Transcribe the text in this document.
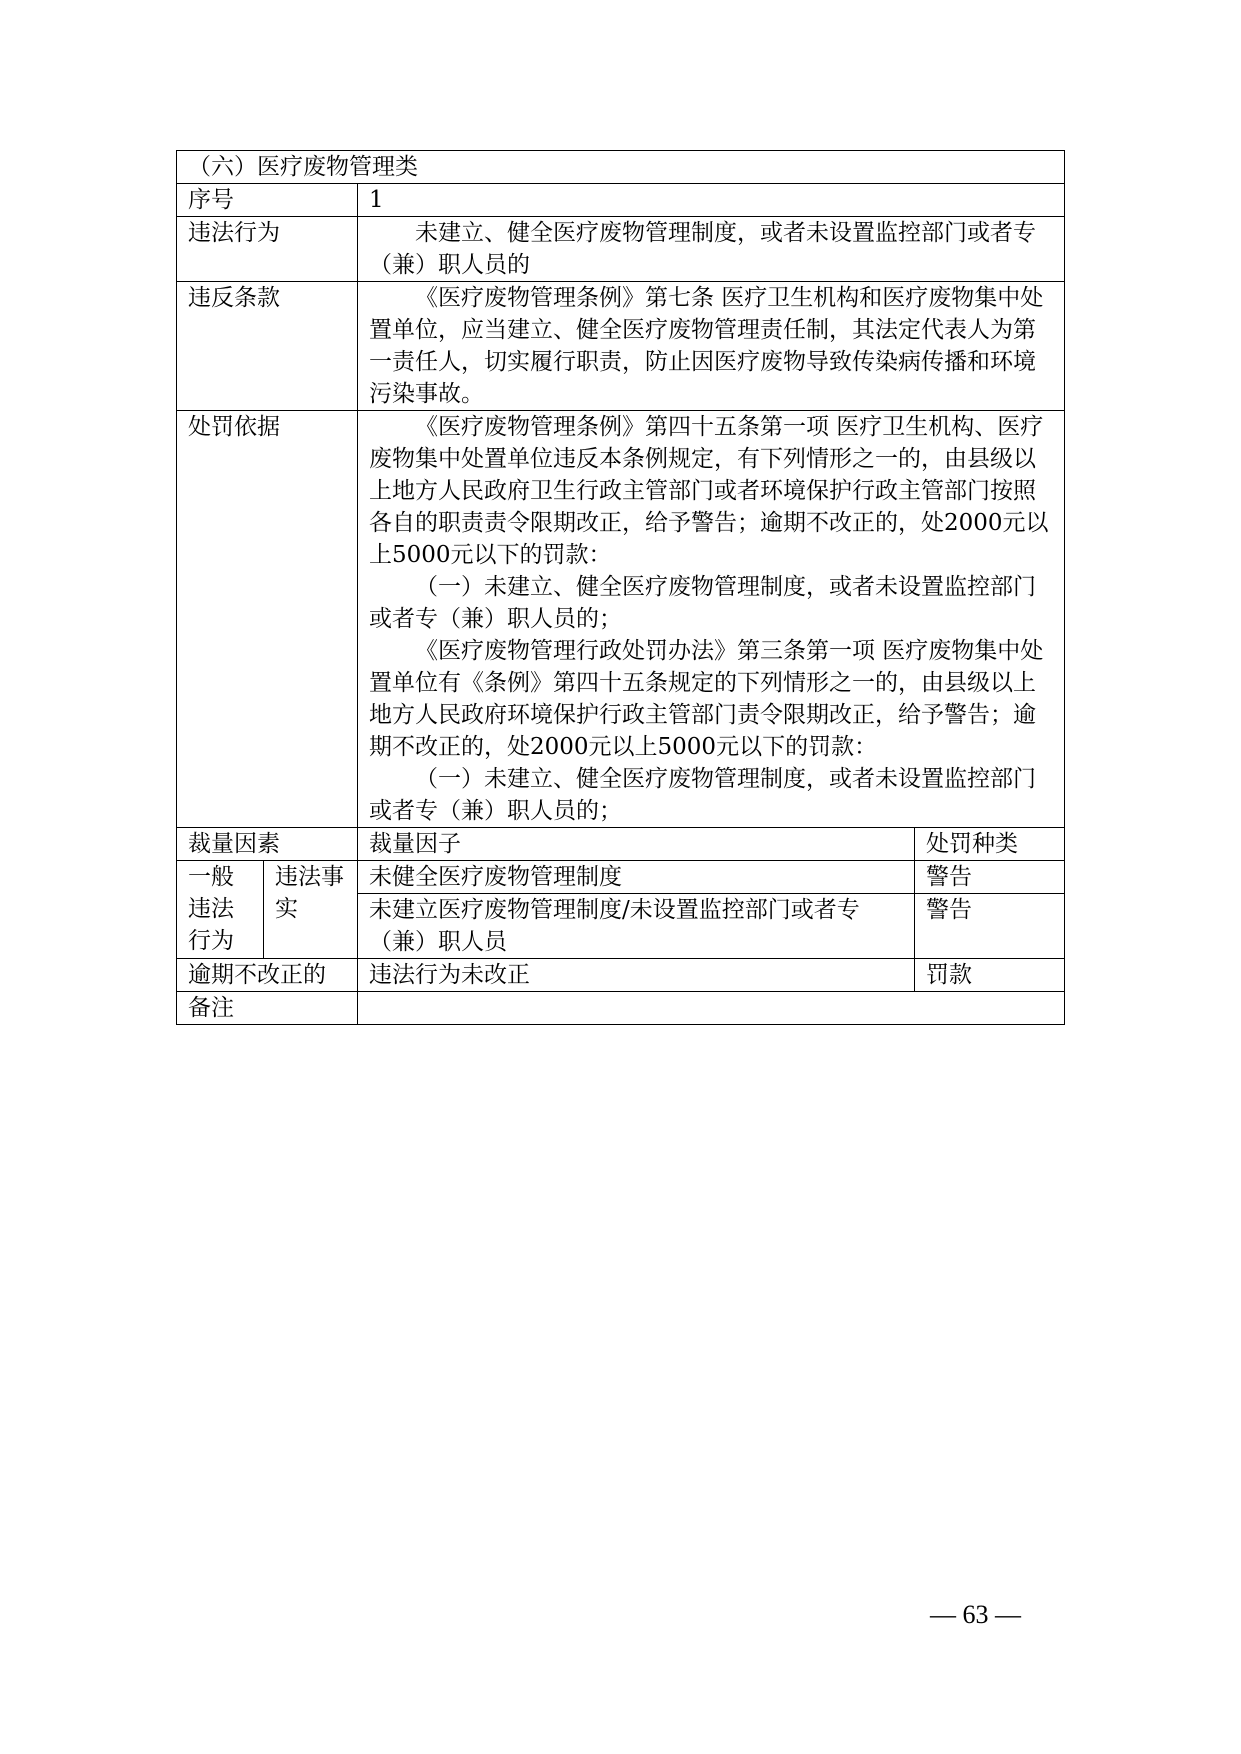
（六）医疗废物管理类			
序号		1	
违法行为		未建立、健全医疗废物管理制度，或者未设置监控部门或者专（兼）职人员的	
违反条款		《医疗废物管理条例》第七条 医疗卫生机构和医疗废物集中处置单位，应当建立、健全医疗废物管理责任制，其法定代表人为第一责任人，切实履行职责，防止因医疗废物导致传染病传播和环境污染事故。	
处罚依据		《医疗废物管理条例》第四十五条第一项 医疗卫生机构、医疗废物集中处置单位违反本条例规定，有下列情形之一的，由县级以上地方人民政府卫生行政主管部门或者环境保护行政主管部门按照各自的职责责令限期改正，给予警告；逾期不改正的，处2000元以上5000元以下的罚款：
（一）未建立、健全医疗废物管理制度，或者未设置监控部门或者专（兼）职人员的；
《医疗废物管理行政处罚办法》第三条第一项 医疗废物集中处置单位有《条例》第四十五条规定的下列情形之一的，由县级以上地方人民政府环境保护行政主管部门责令限期改正，给予警告；逾期不改正的，处2000元以上5000元以下的罚款：
（一）未建立、健全医疗废物管理制度，或者未设置监控部门或者专（兼）职人员的；	

裁量因素		裁量因子	处罚种类
一般违法行为	违法事实	未健全医疗废物管理制度	警告
		未建立医疗废物管理制度/未设置监控部门或者专（兼）职人员	警告
逾期不改正的		违法行为未改正	罚款
备注			
— 63 —
